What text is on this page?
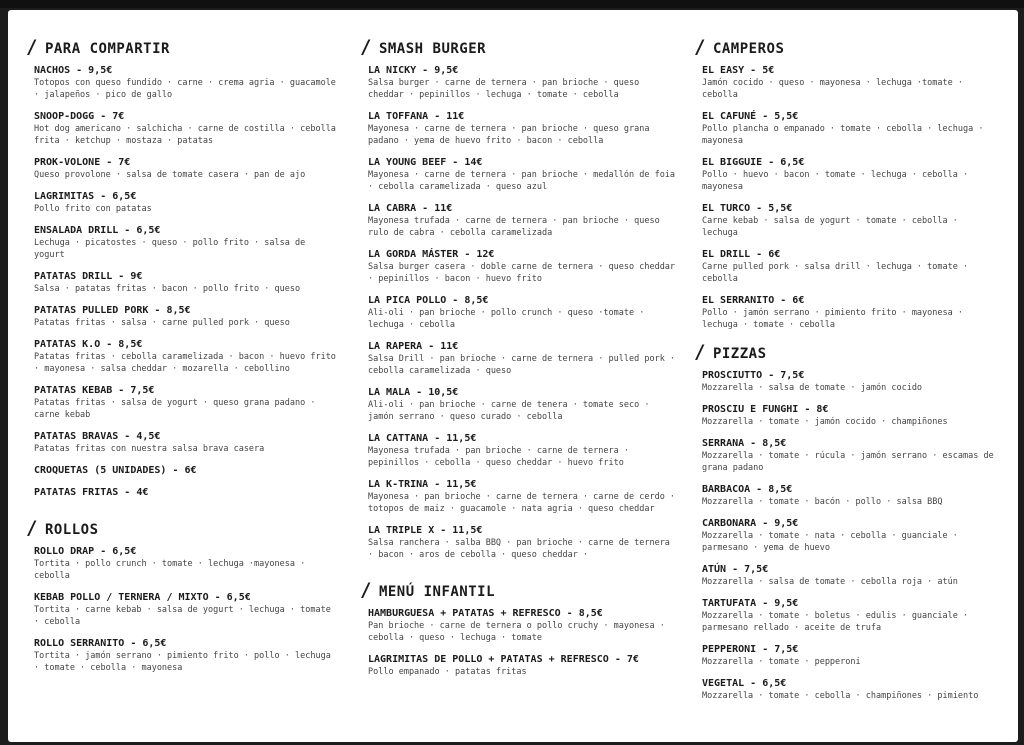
/ PARA COMPARTIR
NACHOS - 9,5€
Totopos con queso fundido · carne · crema agria · guacamole · jalapeños · pico de gallo
SNOOP-DOGG - 7€
Hot dog americano · salchicha · carne de costilla · cebolla frita · ketchup · mostaza · patatas
PROK-VOLONE - 7€
Queso provolone · salsa de tomate casera · pan de ajo
LAGRIMITAS - 6,5€
Pollo frito con patatas
ENSALADA DRILL - 6,5€
Lechuga · picatostes · queso · pollo frito · salsa de yogurt
PATATAS DRILL - 9€
Salsa · patatas fritas · bacon · pollo frito · queso
PATATAS PULLED PORK - 8,5€
Patatas fritas · salsa · carne pulled pork · queso
PATATAS K.O - 8,5€
Patatas fritas · cebolla caramelizada · bacon · huevo frito · mayonesa · salsa cheddar · mozarella · cebollino
PATATAS KEBAB - 7,5€
Patatas fritas · salsa de yogurt · queso grana padano · carne kebab
PATATAS BRAVAS - 4,5€
Patatas fritas con nuestra salsa brava casera
CROQUETAS (5 UNIDADES) - 6€
PATATAS FRITAS - 4€
/ ROLLOS
ROLLO DRAP - 6,5€
Tortita · pollo crunch · tomate · lechuga ·mayonesa · cebolla
KEBAB POLLO / TERNERA / MIXTO - 6,5€
Tortita · carne kebab · salsa de yogurt · lechuga · tomate · cebolla
ROLLO SERRANITO - 6,5€
Tortita · jamón serrano · pimiento frito · pollo · lechuga · tomate · cebolla · mayonesa
/ SMASH BURGER
LA NICKY - 9,5€
Salsa burger · carne de ternera · pan brioche · queso cheddar · pepinillos · lechuga · tomate · cebolla
LA TOFFANA - 11€
Mayonesa · carne de ternera · pan brioche · queso grana padano · yema de huevo frito · bacon · cebolla
LA YOUNG BEEF - 14€
Mayonesa · carne de ternera · pan brioche · medallón de foia · cebolla caramelizada · queso azul
LA CABRA - 11€
Mayonesa trufada · carne de ternera · pan brioche · queso rulo de cabra · cebolla caramelizada
LA GORDA MÁSTER - 12€
Salsa burger casera · doble carne de ternera · queso cheddar · pepinillos · bacon · huevo frito
LA PICA POLLO - 8,5€
Ali-oli · pan brioche · pollo crunch · queso ·tomate · lechuga · cebolla
LA RAPERA - 11€
Salsa Drill · pan brioche · carne de ternera · pulled pork · cebolla caramelizada · queso
LA MALA - 10,5€
Ali-oli · pan brioche · carne de tenera · tomate seco · jamón serrano · queso curado · cebolla
LA CATTANA - 11,5€
Mayonesa trufada · pan brioche · carne de ternera · pepinillos · cebolla · queso cheddar · huevo frito
LA K-TRINA - 11,5€
Mayonesa · pan brioche · carne de ternera · carne de cerdo · totopos de maiz · guacamole · nata agria · queso cheddar
LA TRIPLE X - 11,5€
Salsa ranchera · salba BBQ · pan brioche · carne de ternera · bacon · aros de cebolla · queso cheddar ·
/ MENÚ INFANTIL
HAMBURGUESA + PATATAS + REFRESCO - 8,5€
Pan brioche · carne de ternera o pollo cruchy · mayonesa · cebolla · queso · lechuga · tomate
LAGRIMITAS DE POLLO + PATATAS + REFRESCO - 7€
Pollo empanado · patatas fritas
/ CAMPEROS
EL EASY - 5€
Jamón cocido · queso · mayonesa · lechuga ·tomate · cebolla
EL CAFUNÉ - 5,5€
Pollo plancha o empanado · tomate · cebolla · lechuga · mayonesa
EL BIGGUIE - 6,5€
Pollo · huevo · bacon · tomate · lechuga · cebolla · mayonesa
EL TURCO - 5,5€
Carne kebab · salsa de yogurt · tomate · cebolla · lechuga
EL DRILL - 6€
Carne pulled pork · salsa drill · lechuga · tomate · cebolla
EL SERRANITO - 6€
Pollo · jamón serrano · pimiento frito · mayonesa · lechuga · tomate · cebolla
/ PIZZAS
PROSCIUTTO - 7,5€
Mozzarella · salsa de tomate · jamón cocido
PROSCIU E FUNGHI - 8€
Mozzarella · tomate · jamón cocido · champiñones
SERRANA - 8,5€
Mozzarella · tomate · rúcula · jamón serrano · escamas de grana padano
BARBACOA - 8,5€
Mozzarella · tomate · bacón · pollo · salsa BBQ
CARBONARA - 9,5€
Mozzarella · tomate · nata · cebolla · guanciale · parmesano · yema de huevo
ATÚN - 7,5€
Mozzarella · salsa de tomate · cebolla roja · atún
TARTUFATA - 9,5€
Mozzarella · tomate · boletus · edulis · guanciale · parmesano rellado · aceite de trufa
PEPPERONI - 7,5€
Mozzarella · tomate · pepperoni
VEGETAL - 6,5€
Mozzarella · tomate · cebolla · champiñones · pimiento
